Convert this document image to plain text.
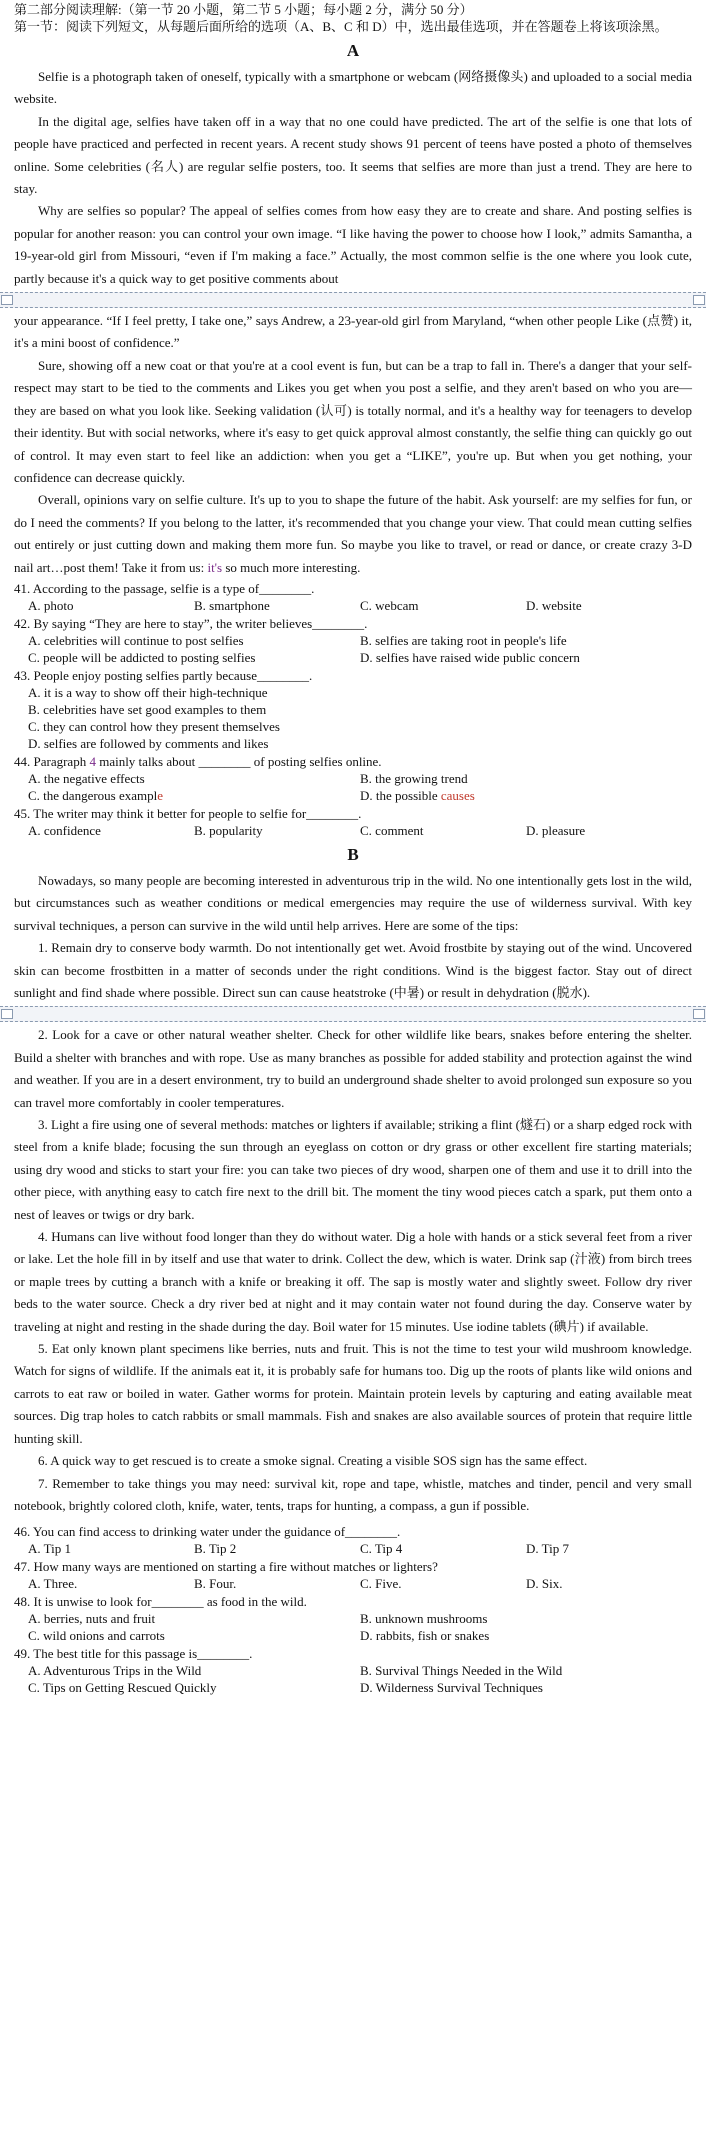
第二部分阅读理解:（第一节 20 小题，第二节 5 小题；每小题 2 分，满分 50 分）

第一节：阅读下列短文，从每题后面所给的选项（A、B、C 和 D）中，选出最佳选项，并在答题卷上将该项涂黑。

A

Selfie is a photograph taken of oneself, typically with a smartphone or webcam (网络摄像头) and uploaded to a social media website.

In the digital age, selfies have taken off in a way that no one could have predicted. The art of the selfie is one that lots of people have practiced and perfected in recent years. A recent study shows 91 percent of teens have posted a photo of themselves online. Some celebrities (名人) are regular selfie posters, too. It seems that selfies are more than just a trend. They are here to stay.

Why are selfies so popular? The appeal of selfies comes from how easy they are to create and share. And posting selfies is popular for another reason: you can control your own image. “I like having the power to choose how I look,” admits Samantha, a 19-year-old girl from Missouri, “even if I'm making a face.” Actually, the most common selfie is the one where you look cute, partly because it's a quick way to get positive comments about

your appearance. “If I feel pretty, I take one,” says Andrew, a 23-year-old girl from Maryland, “when other people Like (点赞) it, it's a mini boost of confidence.”

Sure, showing off a new coat or that you're at a cool event is fun, but can be a trap to fall in. There's a danger that your self-respect may start to be tied to the comments and Likes you get when you post a selfie, and they aren't based on who you are—they are based on what you look like. Seeking validation (认可) is totally normal, and it's a healthy way for teenagers to develop their identity. But with social networks, where it's easy to get quick approval almost constantly, the selfie thing can quickly go out of control. It may even start to feel like an addiction: when you get a “LIKE”, you're up. But when you get nothing, your confidence can decrease quickly.

Overall, opinions vary on selfie culture. It's up to you to shape the future of the habit. Ask yourself: are my selfies for fun, or do I need the comments? If you belong to the latter, it's recommended that you change your view. That could mean cutting selfies out entirely or just cutting down and making them more fun. So maybe you like to travel, or read or dance, or create crazy 3-D nail art…post them! Take it from us: it's so much more interesting.

41. According to the passage, selfie is a type of________.

A. photo	B. smartphone	C. webcam	D. website

42. By saying “They are here to stay”, the writer believes________.

A. celebrities will continue to post selfies	B. selfies are taking root in people's life
C. people will be addicted to posting selfies	D. selfies have raised wide public concern

43. People enjoy posting selfies partly because________.

A. it is a way to show off their high-technique
B. celebrities have set good examples to them
C. they can control how they present themselves
D. selfies are followed by comments and likes

44. Paragraph 4 mainly talks about ________ of posting selfies online.

A. the negative effects	B. the growing trend
C. the dangerous example	D. the possible causes

45. The writer may think it better for people to selfie for________.

A. confidence	B. popularity	C. comment	D. pleasure
B

Nowadays, so many people are becoming interested in adventurous trip in the wild. No one intentionally gets lost in the wild, but circumstances such as weather conditions or medical emergencies may require the use of wilderness survival. With key survival techniques, a person can survive in the wild until help arrives. Here are some of the tips:

1. Remain dry to conserve body warmth. Do not intentionally get wet. Avoid frostbite by staying out of the wind. Uncovered skin can become frostbitten in a matter of seconds under the right conditions. Wind is the biggest factor. Stay out of direct sunlight and find shade where possible. Direct sun can cause heatstroke (中暑) or result in dehydration (脱水).

2. Look for a cave or other natural weather shelter. Check for other wildlife like bears, snakes before entering the shelter. Build a shelter with branches and with rope. Use as many branches as possible for added stability and protection against the wind and weather. If you are in a desert environment, try to build an underground shade shelter to avoid prolonged sun exposure so you can travel more comfortably in cooler temperatures.

3. Light a fire using one of several methods: matches or lighters if available; striking a flint (燧石) or a sharp edged rock with steel from a knife blade; focusing the sun through an eyeglass on cotton or dry grass or other excellent fire starting materials; using dry wood and sticks to start your fire: you can take two pieces of dry wood, sharpen one of them and use it to drill into the other piece, with anything easy to catch fire next to the drill bit. The moment the tiny wood pieces catch a spark, put them onto a nest of leaves or twigs or dry bark.

4. Humans can live without food longer than they do without water. Dig a hole with hands or a stick several feet from a river or lake. Let the hole fill in by itself and use that water to drink. Collect the dew, which is water. Drink sap (汁液) from birch trees or maple trees by cutting a branch with a knife or breaking it off. The sap is mostly water and slightly sweet. Follow dry river beds to the water source. Check a dry river bed at night and it may contain water not found during the day. Conserve water by traveling at night and resting in the shade during the day. Boil water for 15 minutes. Use iodine tablets (碘片) if available.

5. Eat only known plant specimens like berries, nuts and fruit. This is not the time to test your wild mushroom knowledge. Watch for signs of wildlife. If the animals eat it, it is probably safe for humans too. Dig up the roots of plants like wild onions and carrots to eat raw or boiled in water. Gather worms for protein. Maintain protein levels by capturing and eating available meat sources. Dig trap holes to catch rabbits or small mammals. Fish and snakes are also available sources of protein that require little hunting skill.

6. A quick way to get rescued is to create a smoke signal. Creating a visible SOS sign has the same effect.

7. Remember to take things you may need: survival kit, rope and tape, whistle, matches and tinder, pencil and very small notebook, brightly colored cloth, knife, water, tents, traps for hunting, a compass, a gun if possible.

46. You can find access to drinking water under the guidance of________.

A. Tip 1	B. Tip 2	C. Tip 4	D. Tip 7

47. How many ways are mentioned on starting a fire without matches or lighters?

A. Three.	B. Four.	C. Five.	D. Six.

48. It is unwise to look for________ as food in the wild.

A. berries, nuts and fruit	B. unknown mushrooms
C. wild onions and carrots	D. rabbits, fish or snakes

49. The best title for this passage is________.

A. Adventurous Trips in the Wild	B. Survival Things Needed in the Wild
C. Tips on Getting Rescued Quickly	D. Wilderness Survival Techniques
